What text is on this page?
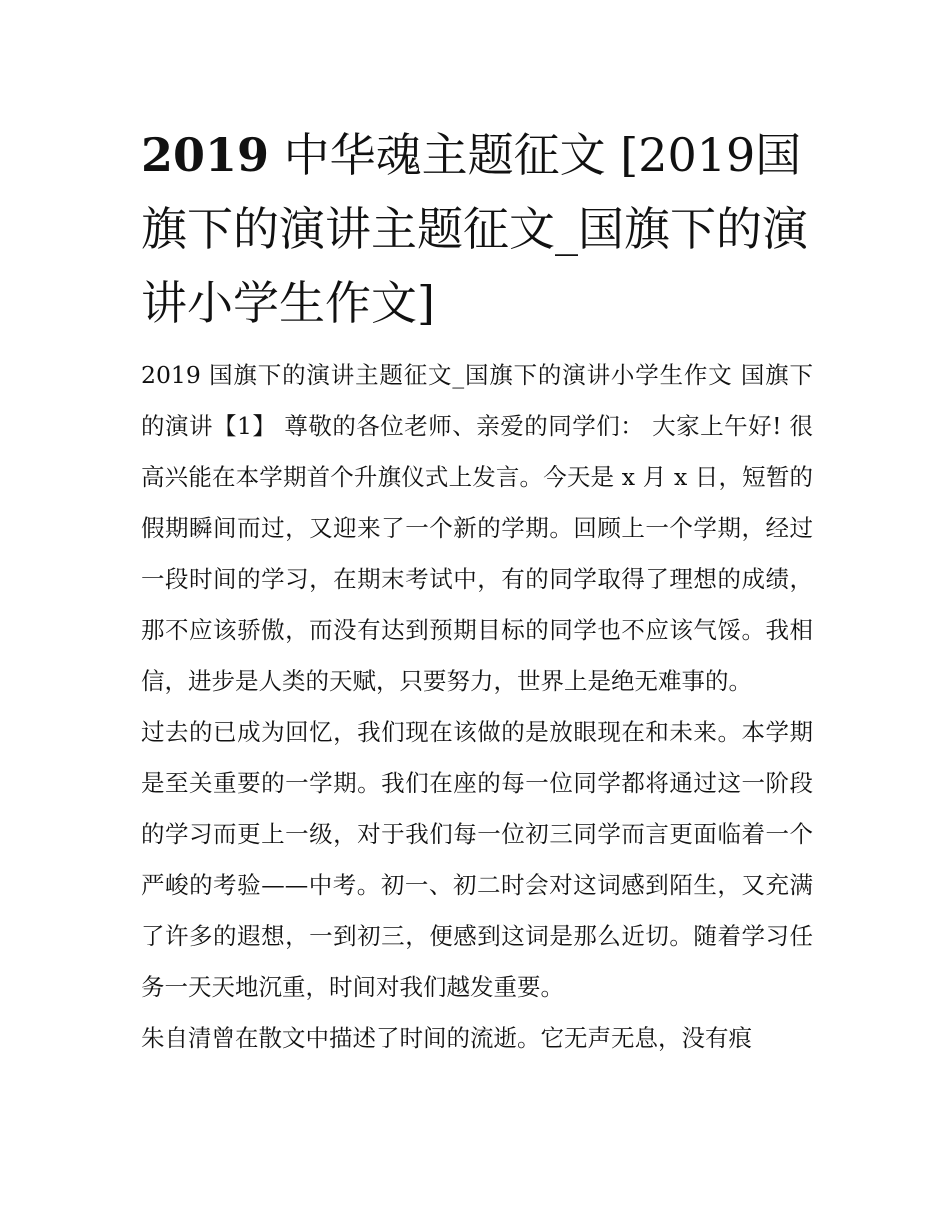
2019 中华魂主题征文 [2019国旗下的演讲主题征文_国旗下的演讲小学生作文]

2019 国旗下的演讲主题征文_国旗下的演讲小学生作文 国旗下的演讲【1】 尊敬的各位老师、亲爱的同学们： 大家上午好! 很高兴能在本学期首个升旗仪式上发言。今天是 x 月 x 日，短暂的假期瞬间而过，又迎来了一个新的学期。回顾上一个学期，经过一段时间的学习，在期末考试中，有的同学取得了理想的成绩，那不应该骄傲，而没有达到预期目标的同学也不应该气馁。我相信，进步是人类的天赋，只要努力，世界上是绝无难事的。

过去的已成为回忆，我们现在该做的是放眼现在和未来。本学期是至关重要的一学期。我们在座的每一位同学都将通过这一阶段的学习而更上一级，对于我们每一位初三同学而言更面临着一个严峻的考验——中考。初一、初二时会对这词感到陌生，又充满了许多的遐想，一到初三，便感到这词是那么近切。随着学习任务一天天地沉重，时间对我们越发重要。

朱自清曾在散文中描述了时间的流逝。它无声无息，没有痕
